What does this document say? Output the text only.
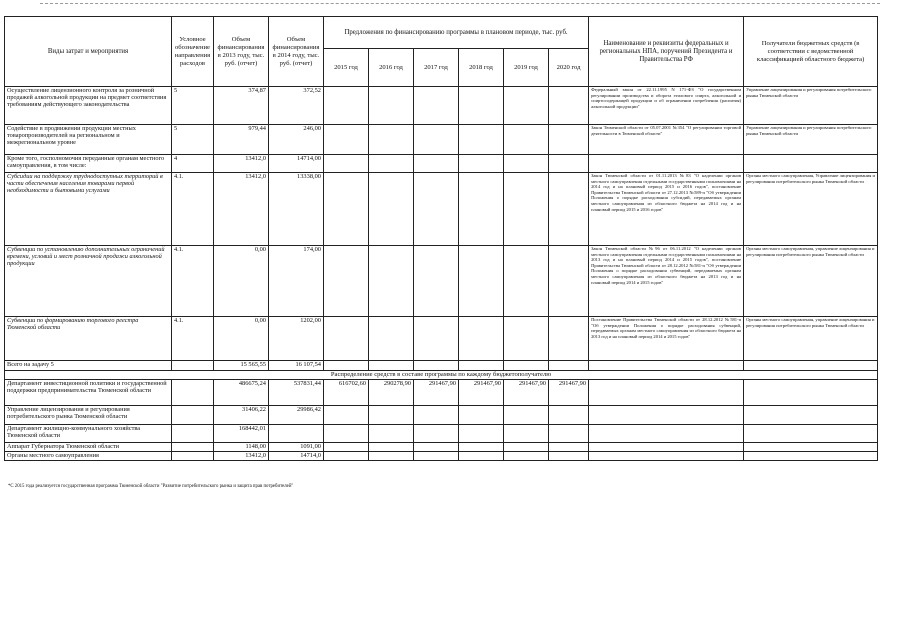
Виды затрат и мероприятия	Условное обозначение направления расходов	Объем финансирования в 2013 году, тыс. руб. (отчет)	Объем финансирования в 2014 году, тыс. руб. (отчет)	Предложения по финансированию программы в плановом периоде, тыс. руб.						Наименование и реквизиты федеральных и региональных НПА, поручений Президента и Правительства РФ	Получатели бюджетных средств (в соответствии с ведомственной классификацией областного бюджета)
				2015 год	2016 год	2017 год	2018 год	2019 год	2020 год		
Осуществление лицензионного контроля за розничной продажей алкогольной продукции на предмет соответствия требованиям действующего законодательства	5	374,87	372,52							Федеральный закон от 22.11.1995 N 171-ФЗ "О государственном регулировании производства и оборота этилового спирта, алкогольной и спиртосодержащей продукции и об ограничении потребления (распития) алкогольной продукции"	Управление лицензирования и регулирования потребительского рынка Тюменской области
Содействие в продвижении продукции местных товаропроизводителей на региональном и межрегиональном уровне	5	979,44	246,00							Закон Тюменской области от 05.07.2001 №354 "О регулировании торговой деятельности в Тюменской области"	Управление лицензирования и регулирования потребительского рынка Тюменской области
Кроме того, госполномочия переданные органам местного самоуправления, в том числе:	4	13412,0	14714,00								
Субсидии на поддержку труднодоступных территорий в части обеспечения населения товарами первой необходимости и бытовыми услугами	4.1.	13412,0	13338,00							Закон Тюменской области от 01.11.2013 №83 "О наделении органов местного самоуправления отдельными государственными полномочиями на 2014 год и на плановый период 2015 и 2016 годов", постановление Правительства Тюменской области от 27.12.2013 №589-п "Об утверждении Положения о порядке расходования субсидий, передаваемых органам местного самоуправления из областного бюджета на 2014 год и на плановый период 2015 и 2016 годов"	Органы местного самоуправления, Управление лицензирования и регулирования потребительского рынка Тюменской области
Субвенции по установлению дополнительных ограничений времени, условий и мест розничной продажи алкогольной продукции	4.1.	0,00	174,00							Закон Тюменской области №96 от 06.11.2012 "О наделении органов местного самоуправления отдельными государственными полномочиями на 2013 год и на плановый период 2014 и 2015 годов", постановление Правительства Тюменской области от 28.12.2012 №581-п "Об утверждении Положения о порядке расходования субвенций, передаваемых органам местного самоуправления из областного бюджета на 2013 год и на плановый период 2014 и 2015 годов"	Органы местного самоуправления, управление лицензирования и регулирования потребительского рынка Тюменской области
Субвенции по формированию торгового реестра Тюменской области	4.1.	0,00	1202,00							Постановление Правительства Тюменской области от 28.12.2012 №581-п "Об утверждении Положения о порядке расходования субвенций, передаваемых органам местного самоуправления из областного бюджета на 2013 год и на плановый период 2014 и 2015 годов"	Органы местного самоуправления, управление лицензирования и регулирования потребительского рынка Тюменской области
Всего на задачу 5		15 565,55	16 107,54								
Распределение средств в составе программы по каждому бюджетополучателю											
Департамент инвестиционной политики и государственной поддержки предпринимательства Тюменской области		486675,24	537831,44	616702,60	290278,90	291467,90	291467,90	291467,90	291467,90		
Управление лицензирования и регулирования потребительского рынка Тюменской области		31406,22	29986,42								
Департамент жилищно-коммунального хозяйства Тюменской области		168442,01									
Аппарат Губернатора Тюменской области		1148,00	1091,00								
Органы местного самоуправления		13412,0	14714,0								
*С 2015 года реализуется государственная программа Тюменской области "Развитие потребительского рынка и защита прав потребителей"
